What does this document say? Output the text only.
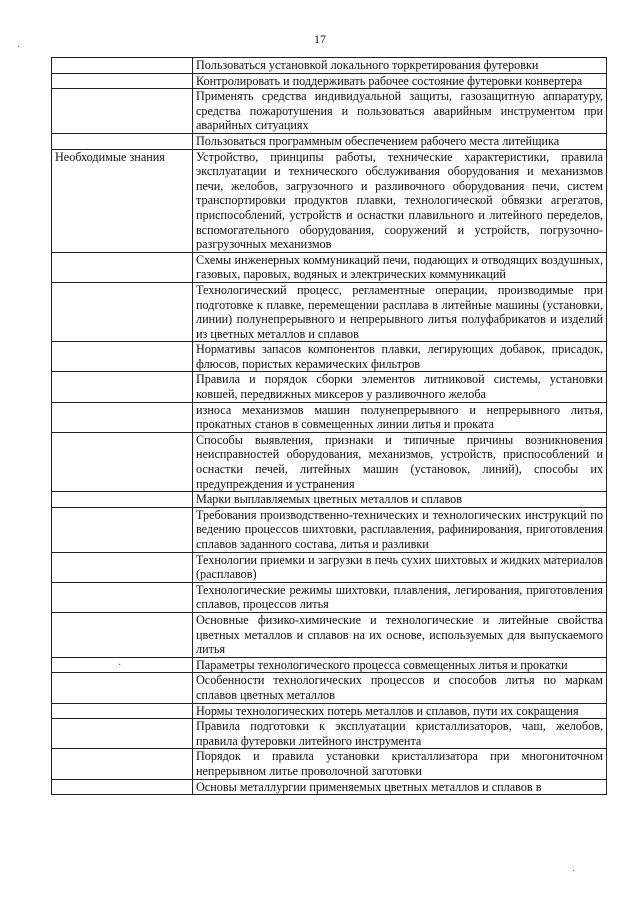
17
	Пользоваться установкой локального торкретирования футеровки
	Контролировать и поддерживать рабочее состояние футеровки конвертера
	Применять средства индивидуальной защиты, газозащитную аппаратуру, средства пожаротушения и пользоваться аварийным инструментом при аварийных ситуациях
	Пользоваться программным обеспечением рабочего места литейщика
Необходимые знания	Устройство, принципы работы, технические характеристики, правила эксплуатации и технического обслуживания оборудования и механизмов печи, желобов, загрузочного и разливочного оборудования печи, систем транспортировки продуктов плавки, технологической обвязки агрегатов, приспособлений, устройств и оснастки плавильного и литейного переделов, вспомогательного оборудования, сооружений и устройств, погрузочно-разгрузочных механизмов
	Схемы инженерных коммуникаций печи, подающих и отводящих воздушных, газовых, паровых, водяных и электрических коммуникаций
	Технологический процесс, регламентные операции, производимые при подготовке к плавке, перемещении расплава в литейные машины (установки, линии) полунепрерывного и непрерывного литья полуфабрикатов и изделий из цветных металлов и сплавов
	Нормативы запасов компонентов плавки, легирующих добавок, присадок, флюсов, пористых керамических фильтров
	Правила и порядок сборки элементов литниковой системы, установки ковшей, передвижных миксеров у разливочного желоба
	износа механизмов машин полунепрерывного и непрерывного литья, прокатных станов в совмещенных линии литья и проката
	Способы выявления, признаки и типичные причины возникновения неисправностей оборудования, механизмов, устройств, приспособлений и оснастки печей, литейных машин (установок, линий), способы их предупреждения и устранения
	Марки выплавляемых цветных металлов и сплавов
	Требования производственно-технических и технологических инструкций по ведению процессов шихтовки, расплавления, рафинирования, приготовления сплавов заданного состава, литья и разливки
	Технологии приемки и загрузки в печь сухих шихтовых и жидких материалов (расплавов)
	Технологические режимы шихтовки, плавления, легирования, приготовления сплавов, процессов литья
	Основные физико-химические и технологические и литейные свойства цветных металлов и сплавов на их основе, используемых для выпускаемого литья
	Параметры технологического процесса совмещенных литья и прокатки
	Особенности технологических процессов и способов литья по маркам сплавов цветных металлов
	Нормы технологических потерь металлов и сплавов, пути их сокращения
	Правила подготовки к эксплуатации кристаллизаторов, чаш, желобов, правила футеровки литейного инструмента
	Порядок и правила установки кристаллизатора при многониточном непрерывном литье проволочной заготовки

	Основы металлургии применяемых цветных металлов и сплавов в
·
·
·
